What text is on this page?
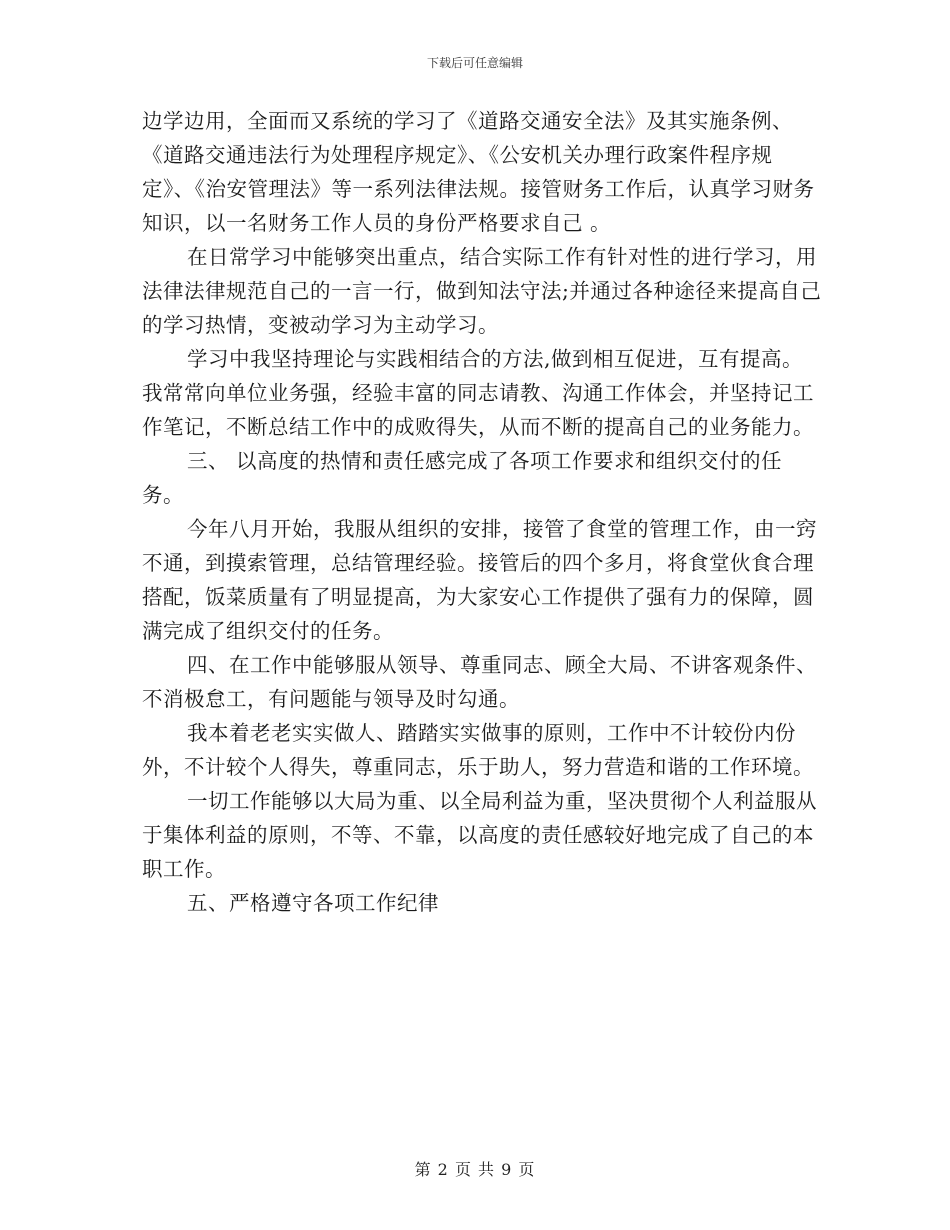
下载后可任意编辑

边学边用，全面而又系统的学习了《道路交通安全法》及其实施条例、《道路交通违法行为处理程序规定》、《公安机关办理行政案件程序规定》、《治安管理法》等一系列法律法规。接管财务工作后，认真学习财务知识，以一名财务工作人员的身份严格要求自己 。

在日常学习中能够突出重点，结合实际工作有针对性的进行学习，用法律法律规范自己的一言一行，做到知法守法;并通过各种途径来提高自己的学习热情，变被动学习为主动学习。

学习中我坚持理论与实践相结合的方法,做到相互促进，互有提高。我常常向单位业务强，经验丰富的同志请教、沟通工作体会，并坚持记工作笔记，不断总结工作中的成败得失，从而不断的提高自己的业务能力。

三、 以高度的热情和责任感完成了各项工作要求和组织交付的任务。

今年八月开始，我服从组织的安排，接管了食堂的管理工作，由一窍不通，到摸索管理，总结管理经验。接管后的四个多月，将食堂伙食合理搭配，饭菜质量有了明显提高，为大家安心工作提供了强有力的保障，圆满完成了组织交付的任务。

四、在工作中能够服从领导、尊重同志、顾全大局、不讲客观条件、不消极怠工，有问题能与领导及时勾通。

我本着老老实实做人、踏踏实实做事的原则，工作中不计较份内份外，不计较个人得失，尊重同志，乐于助人，努力营造和谐的工作环境。

一切工作能够以大局为重、以全局利益为重，坚决贯彻个人利益服从于集体利益的原则，不等、不靠，以高度的责任感较好地完成了自己的本职工作。

五、严格遵守各项工作纪律

第 2 页 共 9 页
